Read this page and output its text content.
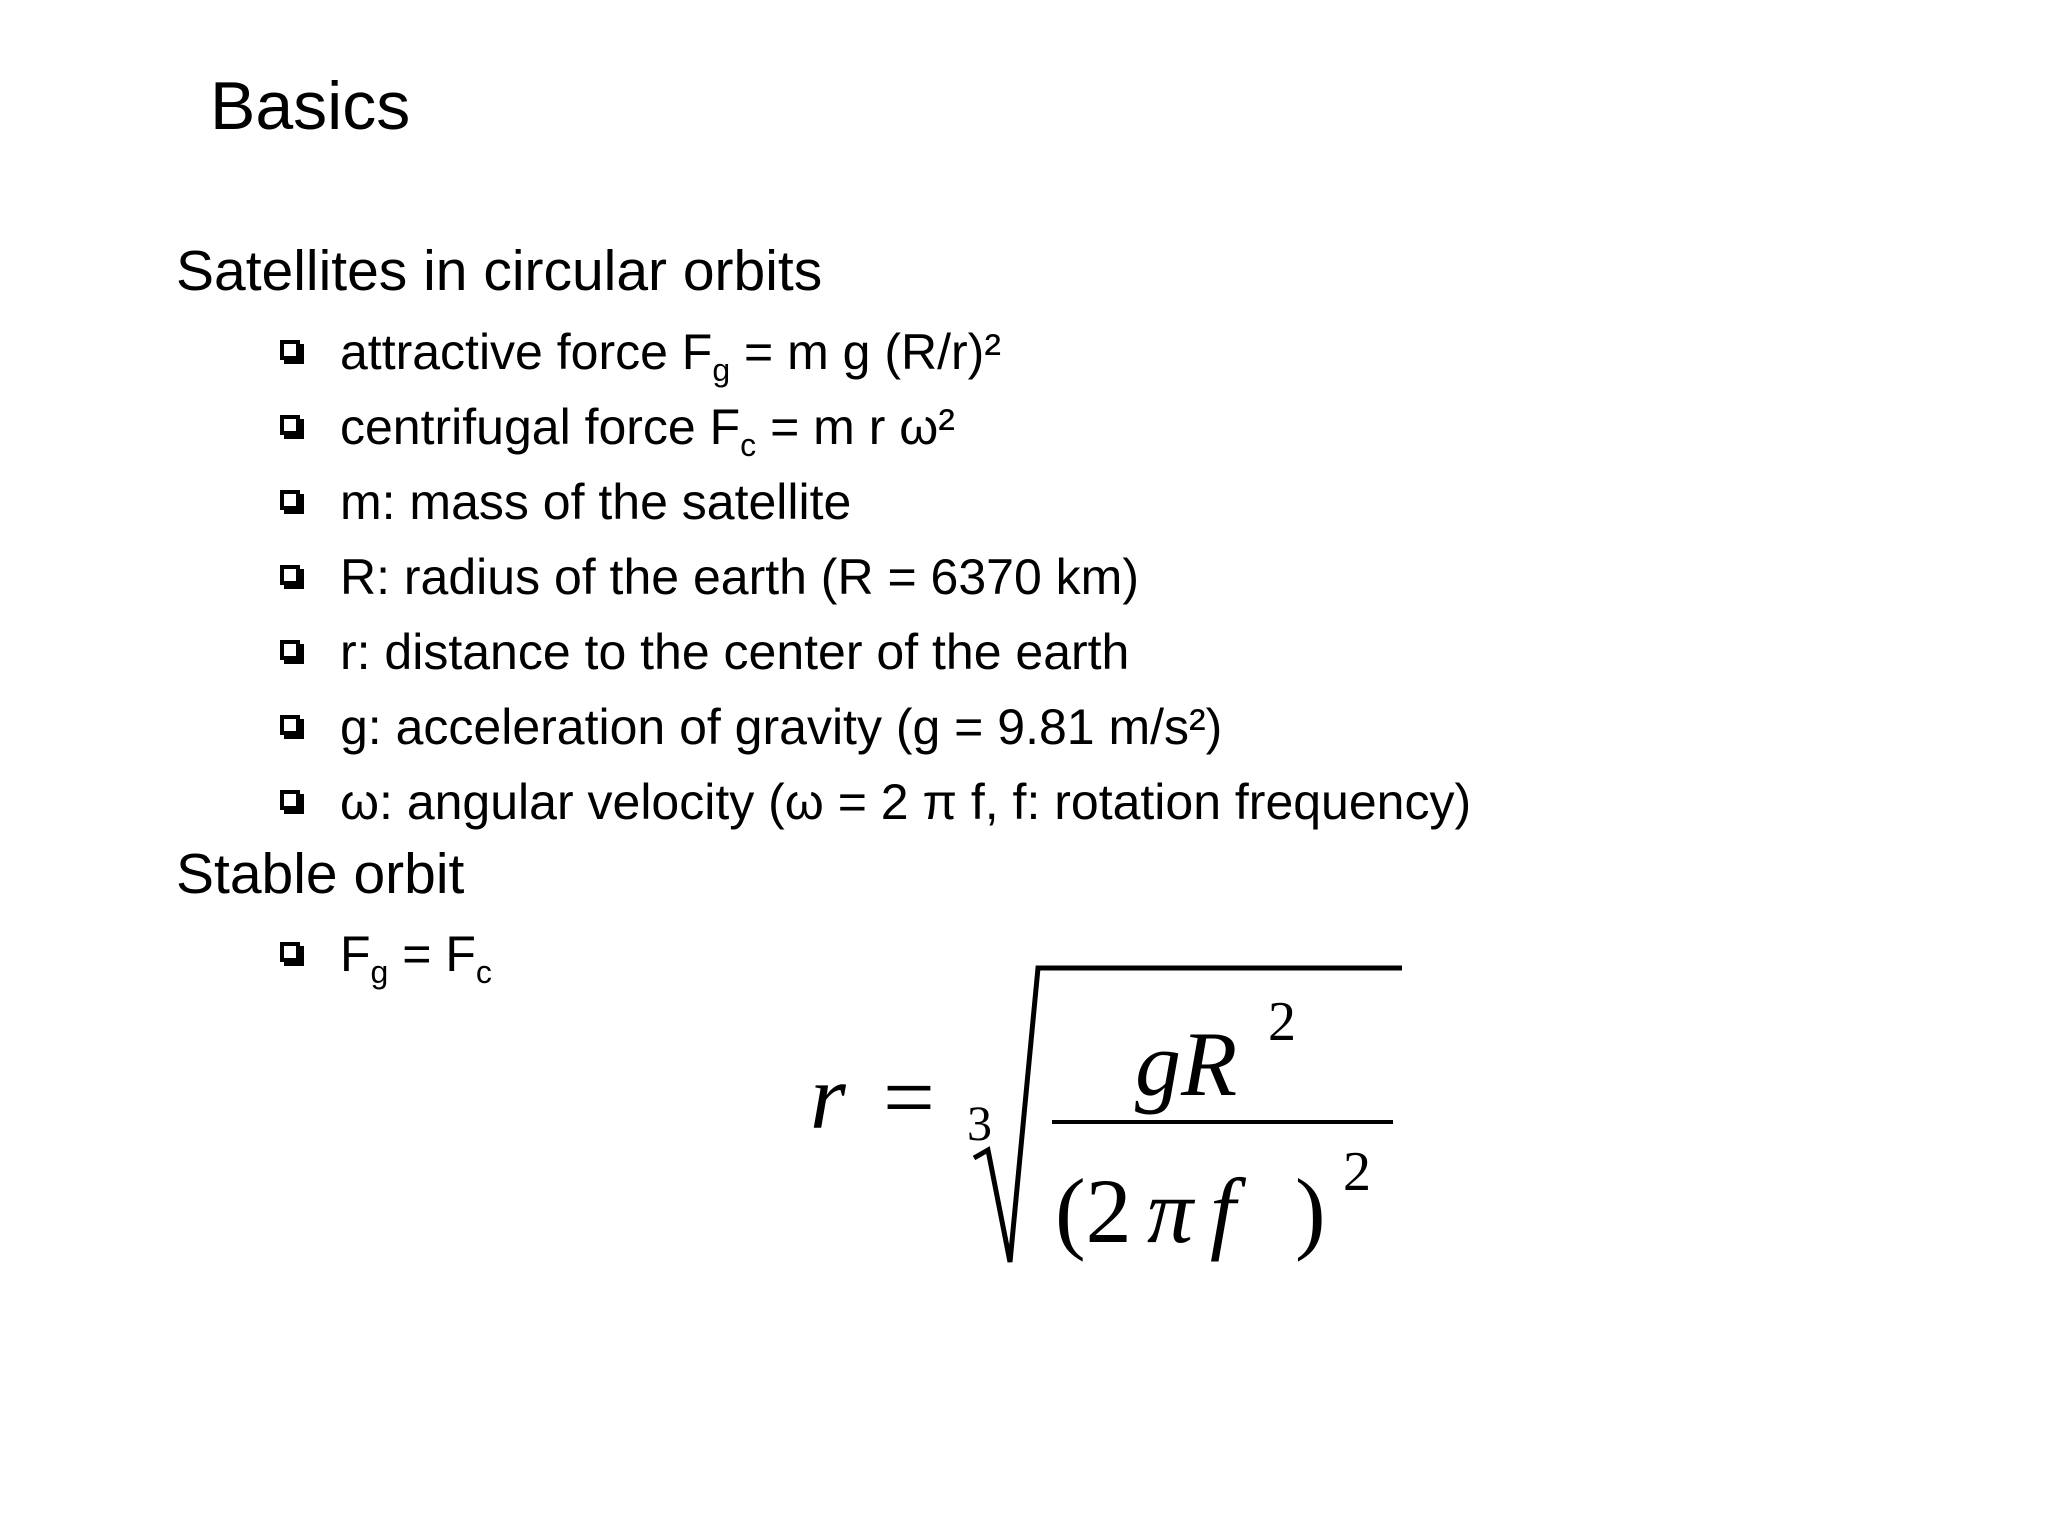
Basics
Satellites in circular orbits
attractive force $F_g = m$ g (R/r)²
centrifugal force $F_c = m$ r ω²
m: mass of the satellite
R: radius of the earth (R = 6370 km)
r: distance to the center of the earth
g: acceleration of gravity (g = 9.81 m/s²)
ω: angular velocity (ω = 2 π f, f: rotation frequency)
Stable orbit
$F_g = F_c$
r = 3
gR 2
(2 π f ) 2
